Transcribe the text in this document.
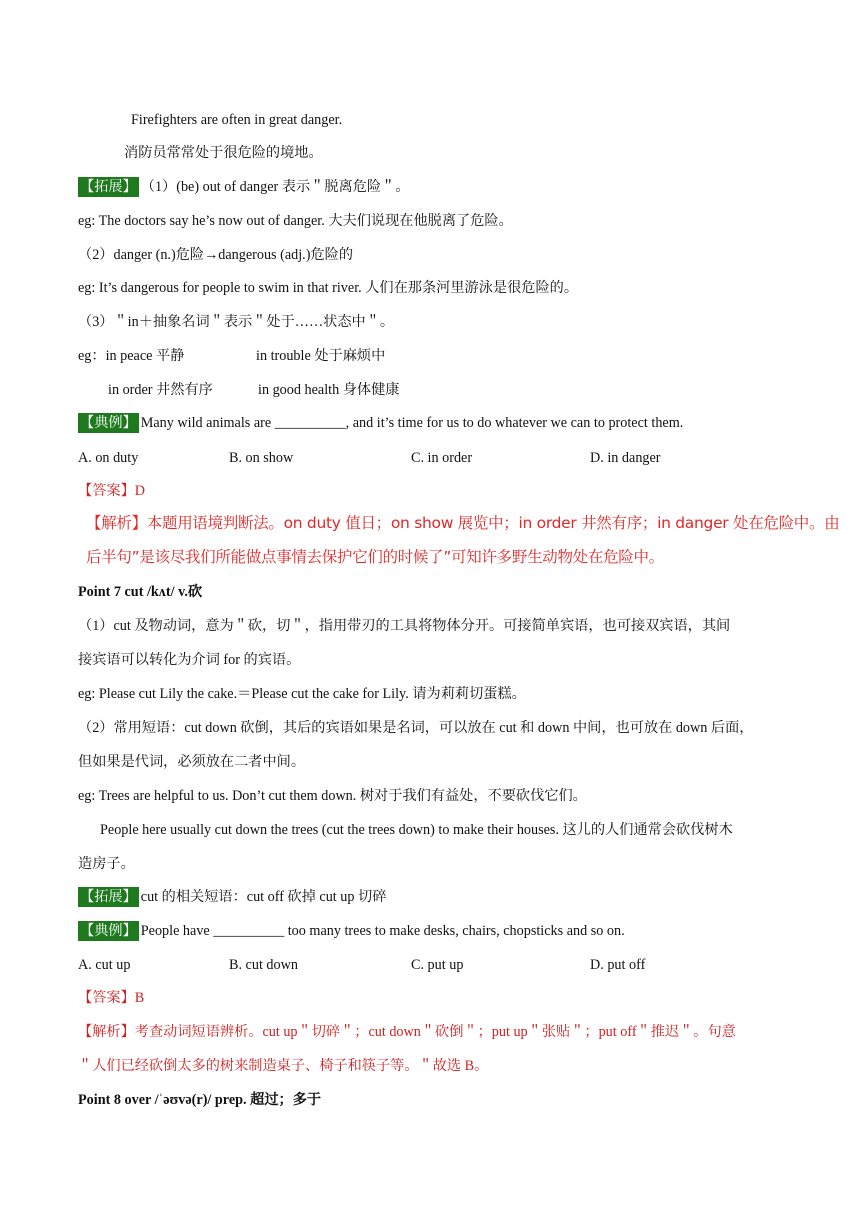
Firefighters are often in great danger.
消防员常常处于很危险的境地。
【拓展】 （1）(be) out of danger 表示＂脱离危险＂。
eg: The doctors say he’s now out of danger. 大夫们说现在他脱离了危险。
（2）danger (n.)危险→dangerous (adj.)危险的
eg: It’s dangerous for people to swim in that river. 人们在那条河里游泳是很危险的。
（3）＂in＋抽象名词＂表示＂处于……状态中＂。
eg：in peace 平静	in trouble 处于麻烦中
in order 井然有序	in good health 身体健康
【典例】 Many wild animals are __________, and it’s time for us to do whatever we can to protect them.
A. on duty	B. on show	C. in order	D. in danger
【答案】D
【解析】本题用语境判断法。on duty 值日；on show 展览中；in order 井然有序；in danger 处在危险中。由
后半句”是该尽我们所能做点事情去保护它们的时候了”可知许多野生动物处在危险中。
Point 7 cut /kʌt/ v.砍
（1）cut 及物动词，意为＂砍，切＂，指用带刃的工具将物体分开。可接简单宾语，也可接双宾语，其间
接宾语可以转化为介词 for 的宾语。
eg: Please cut Lily the cake.＝Please cut the cake for Lily. 请为莉莉切蛋糕。
（2）常用短语：cut down 砍倒，其后的宾语如果是名词，可以放在 cut 和 down 中间，也可放在 down 后面，
但如果是代词，必须放在二者中间。
eg: Trees are helpful to us. Don’t cut them down. 树对于我们有益处，不要砍伐它们。
People here usually cut down the trees (cut the trees down) to make their houses. 这儿的人们通常会砍伐树木
造房子。
【拓展】 cut 的相关短语：cut off 砍掉 cut up 切碎
【典例】 People have __________ too many trees to make desks, chairs, chopsticks and so on.
A. cut up	B. cut down	C. put up	D. put off
【答案】B
【解析】考查动词短语辨析。cut up＂切碎＂；cut down＂砍倒＂；put up＂张贴＂；put off＂推迟＂。句意
＂人们已经砍倒太多的树来制造桌子、椅子和筷子等。＂故选 B。
Point 8 over /ˈəʊvə(r)/ prep. 超过；多于
